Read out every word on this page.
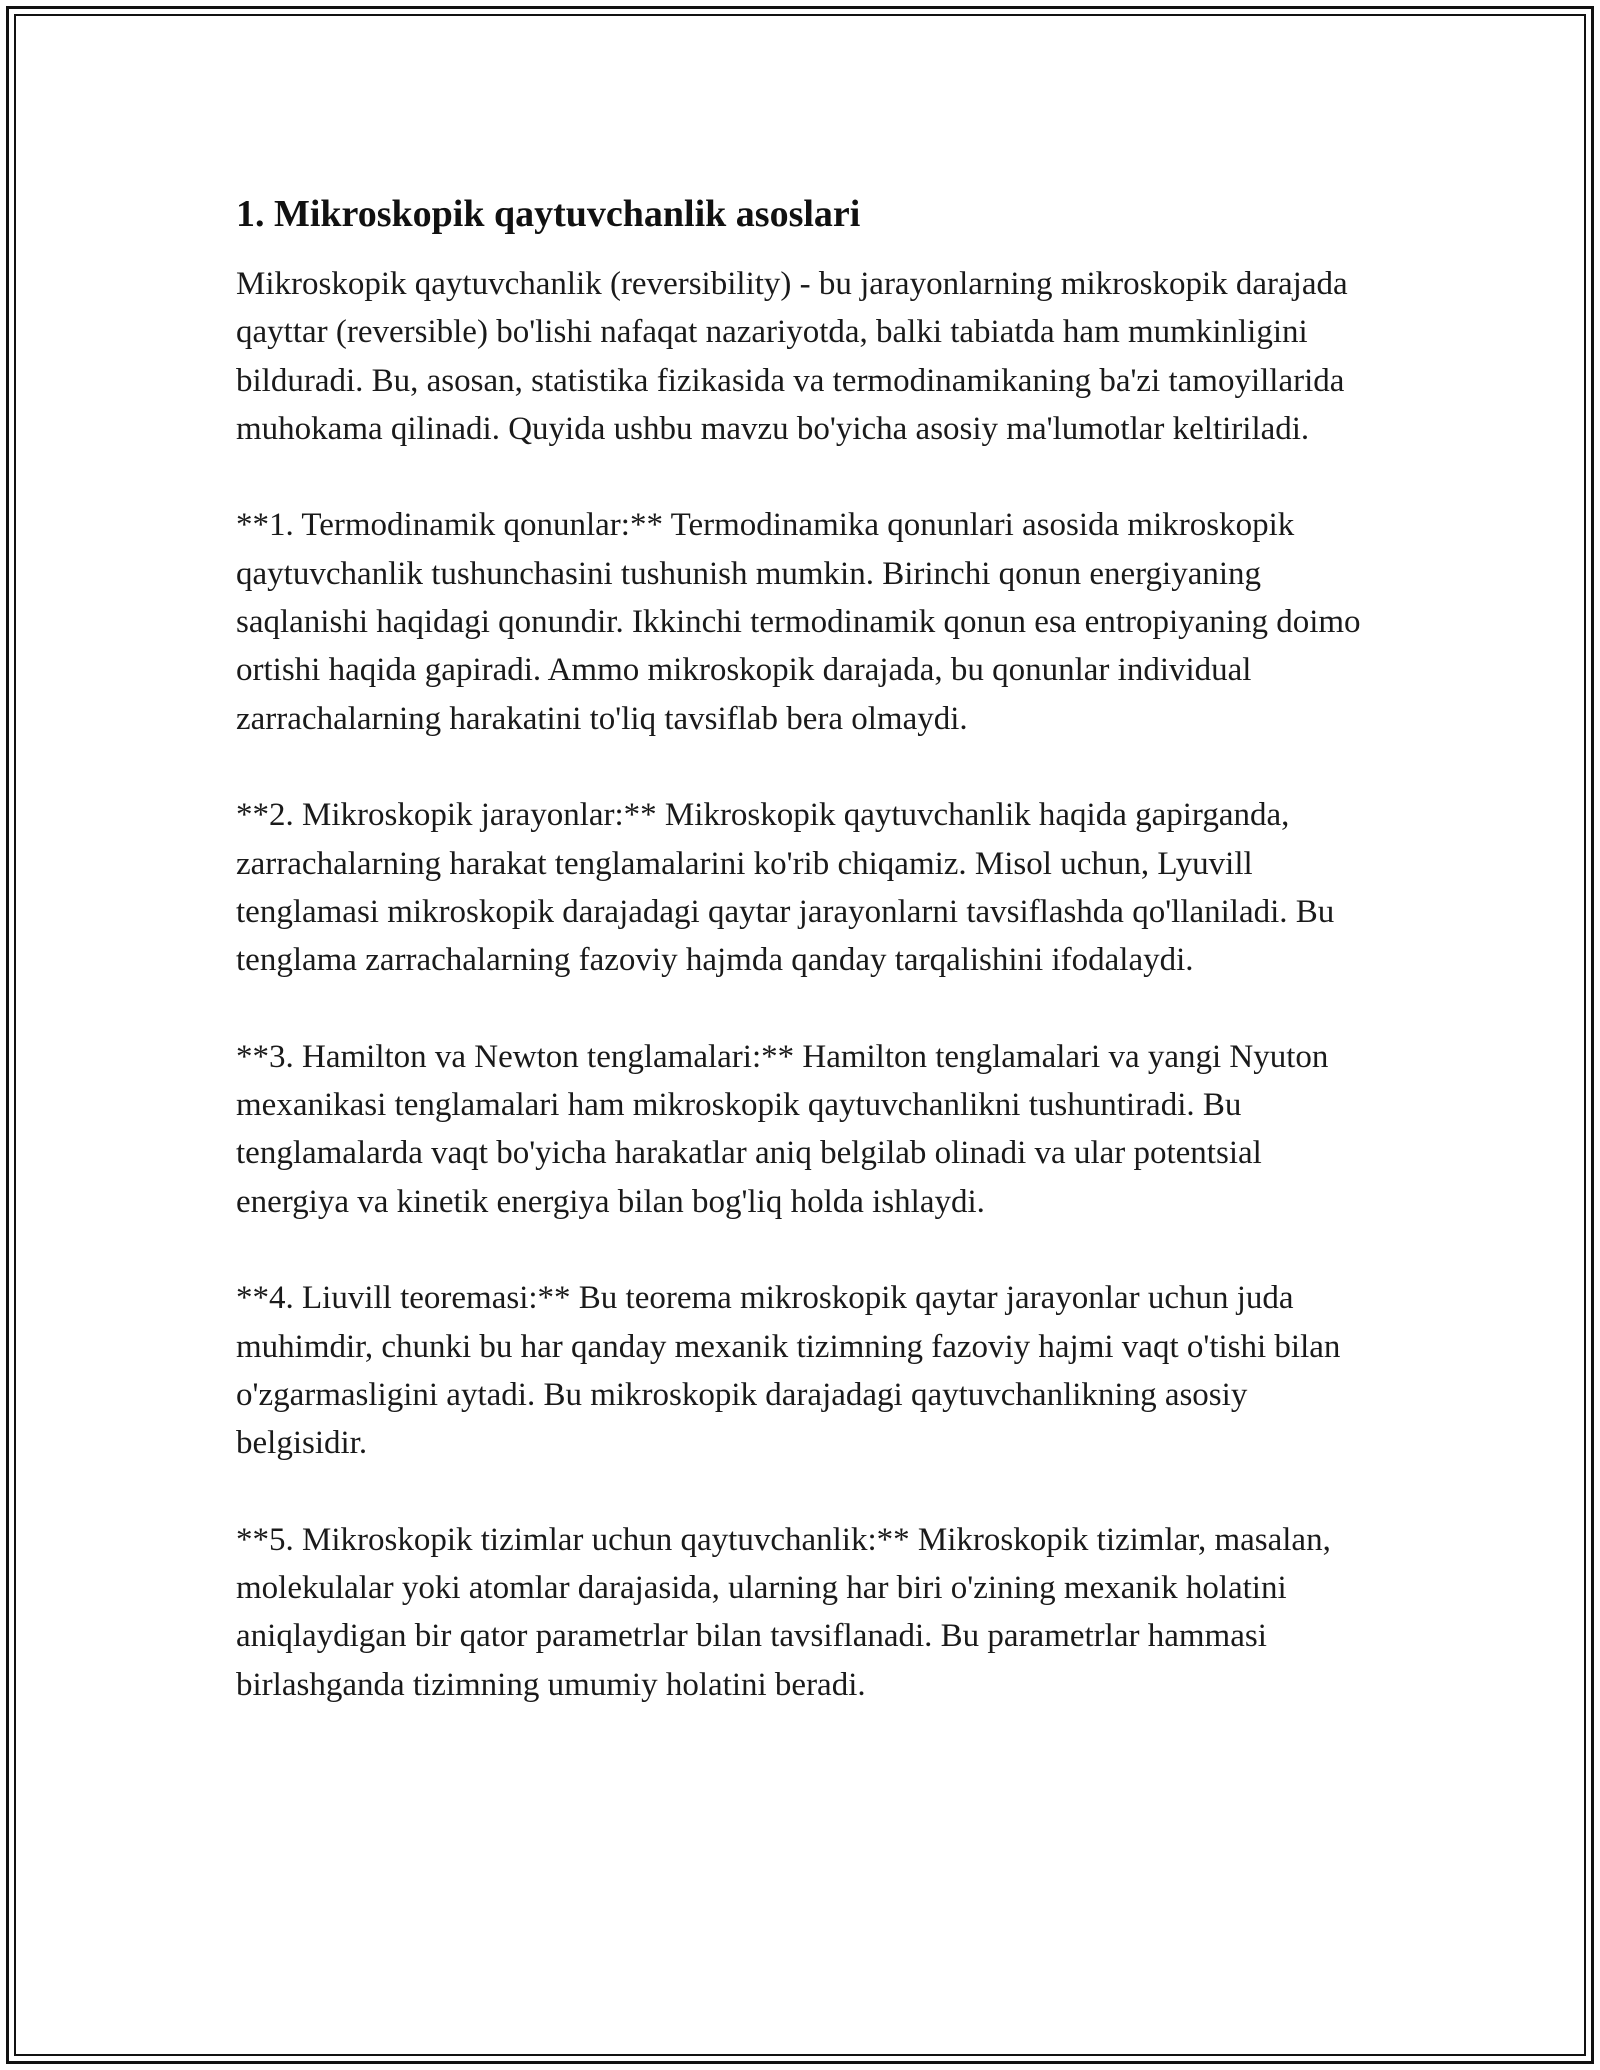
1. Mikroskopik qaytuvchanlik asoslari

Mikroskopik qaytuvchanlik (reversibility) - bu jarayonlarning mikroskopik darajada qayttar (reversible) bo'lishi nafaqat nazariyotda, balki tabiatda ham mumkinligini bilduradi. Bu, asosan, statistika fizikasida va termodinamikaning ba'zi tamoyillarida muhokama qilinadi. Quyida ushbu mavzu bo'yicha asosiy ma'lumotlar keltiriladi.

**1. Termodinamik qonunlar:** Termodinamika qonunlari asosida mikroskopik qaytuvchanlik tushunchasini tushunish mumkin. Birinchi qonun energiyaning saqlanishi haqidagi qonundir. Ikkinchi termodinamik qonun esa entropiyaning doimo ortishi haqida gapiradi. Ammo mikroskopik darajada, bu qonunlar individual zarrachalarning harakatini to'liq tavsiflab bera olmaydi.

**2. Mikroskopik jarayonlar:** Mikroskopik qaytuvchanlik haqida gapirganda, zarrachalarning harakat tenglamalarini ko'rib chiqamiz. Misol uchun, Lyuvill tenglamasi mikroskopik darajadagi qaytar jarayonlarni tavsiflashda qo'llaniladi. Bu tenglama zarrachalarning fazoviy hajmda qanday tarqalishini ifodalaydi.

**3. Hamilton va Newton tenglamalari:** Hamilton tenglamalari va yangi Nyuton mexanikasi tenglamalari ham mikroskopik qaytuvchanlikni tushuntiradi. Bu tenglamalarda vaqt bo'yicha harakatlar aniq belgilab olinadi va ular potentsial energiya va kinetik energiya bilan bog'liq holda ishlaydi.

**4. Liuvill teoremasi:** Bu teorema mikroskopik qaytar jarayonlar uchun juda muhimdir, chunki bu har qanday mexanik tizimning fazoviy hajmi vaqt o'tishi bilan o'zgarmasligini aytadi. Bu mikroskopik darajadagi qaytuvchanlikning asosiy belgisidir.

**5. Mikroskopik tizimlar uchun qaytuvchanlik:** Mikroskopik tizimlar, masalan, molekulalar yoki atomlar darajasida, ularning har biri o'zining mexanik holatini aniqlaydigan bir qator parametrlar bilan tavsiflanadi. Bu parametrlar hammasi birlashganda tizimning umumiy holatini beradi.
